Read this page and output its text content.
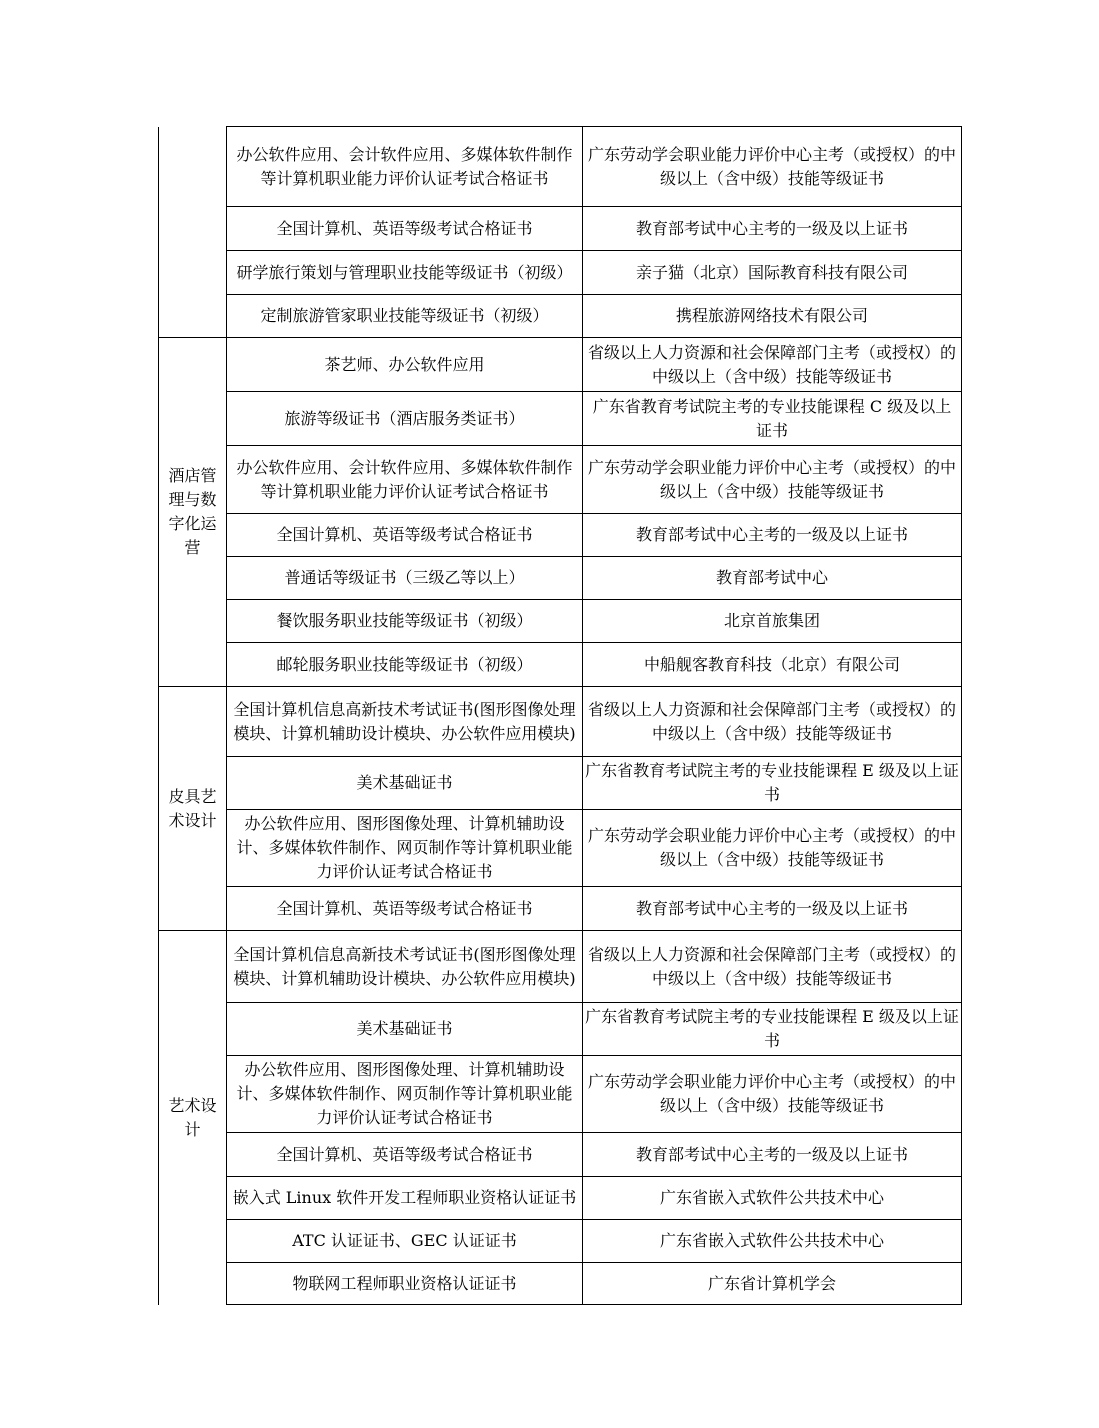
	办公软件应用、会计软件应用、多媒体软件制作等计算机职业能力评价认证考试合格证书	广东劳动学会职业能力评价中心主考（或授权）的中级以上（含中级）技能等级证书
	全国计算机、英语等级考试合格证书	教育部考试中心主考的一级及以上证书
	研学旅行策划与管理职业技能等级证书（初级）	亲子猫（北京）国际教育科技有限公司
	定制旅游管家职业技能等级证书（初级）	携程旅游网络技术有限公司
酒店管理与数字化运营	茶艺师、办公软件应用	省级以上人力资源和社会保障部门主考（或授权）的中级以上（含中级）技能等级证书
	旅游等级证书（酒店服务类证书）	广东省教育考试院主考的专业技能课程 C 级及以上证书
	办公软件应用、会计软件应用、多媒体软件制作等计算机职业能力评价认证考试合格证书	广东劳动学会职业能力评价中心主考（或授权）的中级以上（含中级）技能等级证书
	全国计算机、英语等级考试合格证书	教育部考试中心主考的一级及以上证书
	普通话等级证书（三级乙等以上）	教育部考试中心
	餐饮服务职业技能等级证书（初级）	北京首旅集团
	邮轮服务职业技能等级证书（初级）	中船舰客教育科技（北京）有限公司
皮具艺术设计	全国计算机信息高新技术考试证书(图形图像处理模块、计算机辅助设计模块、办公软件应用模块)	省级以上人力资源和社会保障部门主考（或授权）的中级以上（含中级）技能等级证书
	美术基础证书	广东省教育考试院主考的专业技能课程 E 级及以上证书
	办公软件应用、图形图像处理、计算机辅助设计、多媒体软件制作、网页制作等计算机职业能力评价认证考试合格证书	广东劳动学会职业能力评价中心主考（或授权）的中级以上（含中级）技能等级证书
	全国计算机、英语等级考试合格证书	教育部考试中心主考的一级及以上证书
艺术设计	全国计算机信息高新技术考试证书(图形图像处理模块、计算机辅助设计模块、办公软件应用模块)	省级以上人力资源和社会保障部门主考（或授权）的中级以上（含中级）技能等级证书
	美术基础证书	广东省教育考试院主考的专业技能课程 E 级及以上证书
	办公软件应用、图形图像处理、计算机辅助设计、多媒体软件制作、网页制作等计算机职业能力评价认证考试合格证书	广东劳动学会职业能力评价中心主考（或授权）的中级以上（含中级）技能等级证书
	全国计算机、英语等级考试合格证书	教育部考试中心主考的一级及以上证书
	嵌入式 Linux 软件开发工程师职业资格认证证书	广东省嵌入式软件公共技术中心
	ATC 认证证书、GEC 认证证书	广东省嵌入式软件公共技术中心
	物联网工程师职业资格认证证书	广东省计算机学会
